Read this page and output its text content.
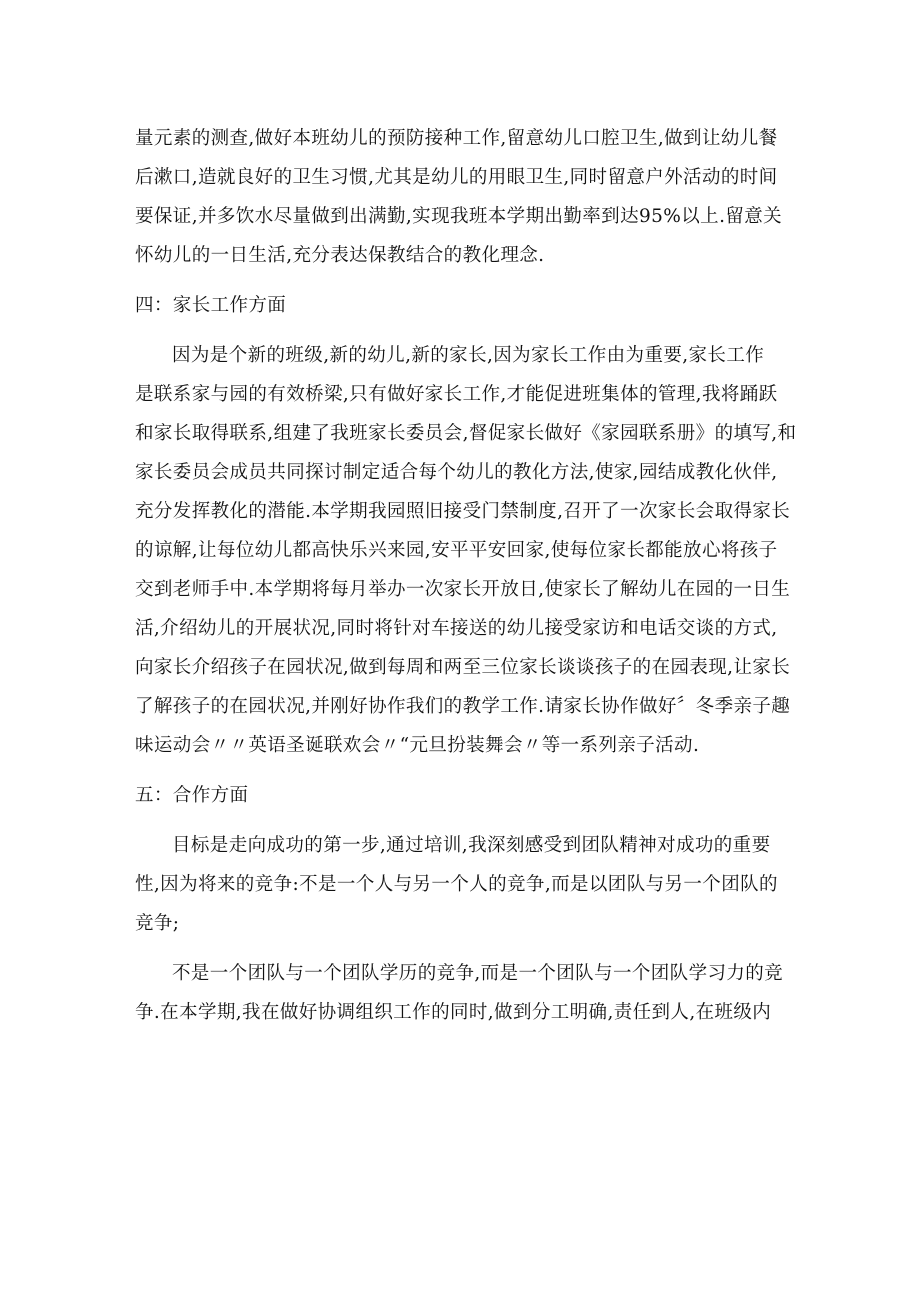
量元素的测查,做好本班幼儿的预防接种工作,留意幼儿口腔卫生,做到让幼儿餐
后漱口,造就良好的卫生习惯,尤其是幼儿的用眼卫生,同时留意户外活动的时间
要保证,并多饮水尽量做到出满勤,实现我班本学期出勤率到达95%以上.留意关
怀幼儿的一日生活,充分表达保教结合的教化理念.

四：家长工作方面

因为是个新的班级,新的幼儿,新的家长,因为家长工作由为重要,家长工作
是联系家与园的有效桥梁,只有做好家长工作,才能促进班集体的管理,我将踊跃
和家长取得联系,组建了我班家长委员会,督促家长做好《家园联系册》的填写,和
家长委员会成员共同探讨制定适合每个幼儿的教化方法,使家,园结成教化伙伴,
充分发挥教化的潜能.本学期我园照旧接受门禁制度,召开了一次家长会取得家长
的谅解,让每位幼儿都高快乐兴来园,安平平安回家,使每位家长都能放心将孩子
交到老师手中.本学期将每月举办一次家长开放日,使家长了解幼儿在园的一日生
活,介绍幼儿的开展状况,同时将针对车接送的幼儿接受家访和电话交谈的方式,
向家长介绍孩子在园状况,做到每周和两至三位家长谈谈孩子的在园表现,让家长
了解孩子的在园状况,并刚好协作我们的教学工作.请家长协作做好〞冬季亲子趣
味运动会〃〃英语圣诞联欢会〃“元旦扮装舞会〃等一系列亲子活动.

五：合作方面

目标是走向成功的第一步,通过培训,我深刻感受到团队精神对成功的重要
性,因为将来的竞争:不是一个人与另一个人的竞争,而是以团队与另一个团队的
竞争;

不是一个团队与一个团队学历的竞争,而是一个团队与一个团队学习力的竞
争.在本学期,我在做好协调组织工作的同时,做到分工明确,责任到人,在班级内
